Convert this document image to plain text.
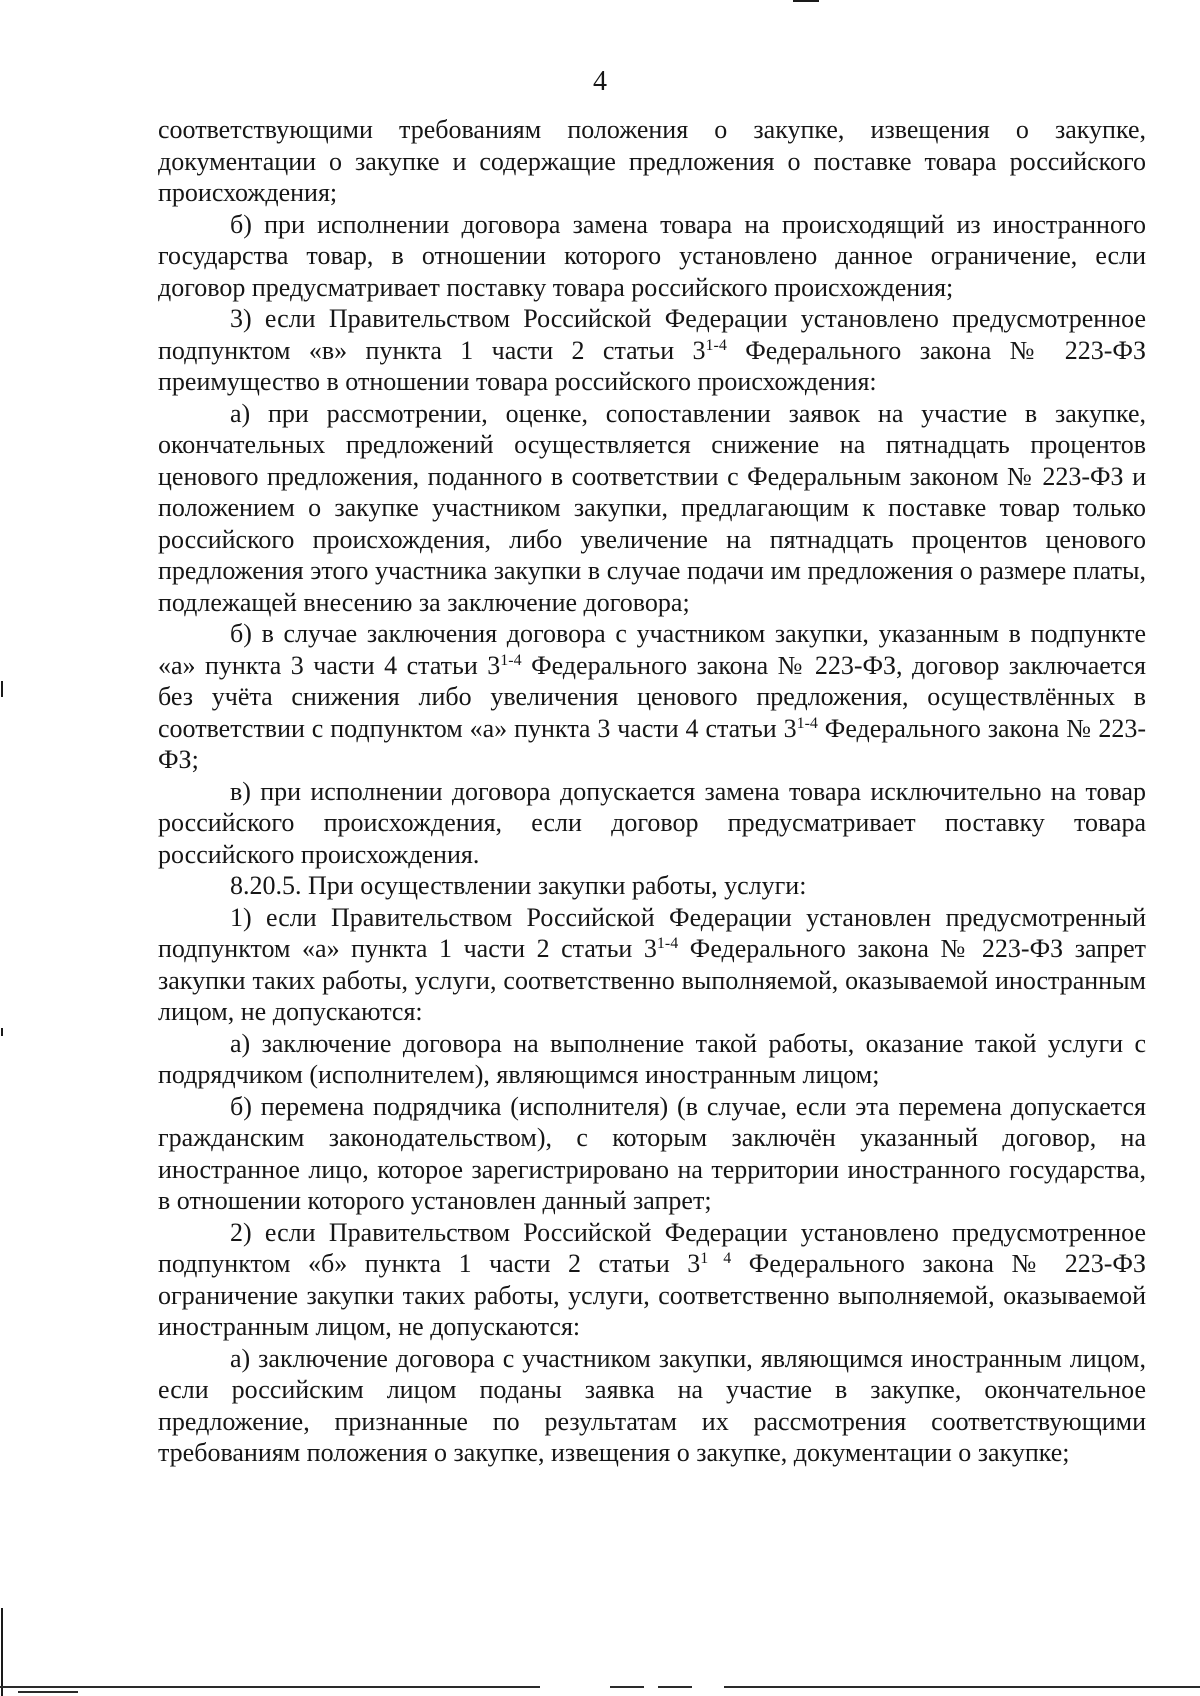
4

соответствующими требованиям положения о закупке, извещения о закупке, документации о закупке и содержащие предложения о поставке товара российского происхождения;

б) при исполнении договора замена товара на происходящий из иностранного государства товар, в отношении которого установлено данное ограничение, если договор предусматривает поставку товара российского происхождения;

3) если Правительством Российской Федерации установлено предусмотренное подпунктом «в» пункта 1 части 2 статьи 3$^{1-4}$ Федерального закона № 223-ФЗ преимущество в отношении товара российского происхождения:

а) при рассмотрении, оценке, сопоставлении заявок на участие в закупке, окончательных предложений осуществляется снижение на пятнадцать процентов ценового предложения, поданного в соответствии с Федеральным законом № 223-ФЗ и положением о закупке участником закупки, предлагающим к поставке товар только российского происхождения, либо увеличение на пятнадцать процентов ценового предложения этого участника закупки в случае подачи им предложения о размере платы, подлежащей внесению за заключение договора;

б) в случае заключения договора с участником закупки, указанным в подпункте «а» пункта 3 части 4 статьи 3$^{1-4}$ Федерального закона № 223-ФЗ, договор заключается без учёта снижения либо увеличения ценового предложения, осуществлённых в соответствии с подпунктом «а» пункта 3 части 4 статьи 3$^{1-4}$ Федерального закона № 223-ФЗ;

в) при исполнении договора допускается замена товара исключительно на товар российского происхождения, если договор предусматривает поставку товара российского происхождения.

8.20.5. При осуществлении закупки работы, услуги:

1) если Правительством Российской Федерации установлен предусмотренный подпунктом «а» пункта 1 части 2 статьи 3$^{1-4}$ Федерального закона № 223-ФЗ запрет закупки таких работы, услуги, соответственно выполняемой, оказываемой иностранным лицом, не допускаются:

а) заключение договора на выполнение такой работы, оказание такой услуги с подрядчиком (исполнителем), являющимся иностранным лицом;

б) перемена подрядчика (исполнителя) (в случае, если эта перемена допускается гражданским законодательством), с которым заключён указанный договор, на иностранное лицо, которое зарегистрировано на территории иностранного государства, в отношении которого установлен данный запрет;

2) если Правительством Российской Федерации установлено предусмотренное подпунктом «б» пункта 1 части 2 статьи $3^{1 4}$ Федерального закона № 223-ФЗ ограничение закупки таких работы, услуги, соответственно выполняемой, оказываемой иностранным лицом, не допускаются:

а) заключение договора с участником закупки, являющимся иностранным лицом, если российским лицом поданы заявка на участие в закупке, окончательное предложение, признанные по результатам их рассмотрения соответствующими требованиям положения о закупке, извещения о закупке, документации о закупке;
